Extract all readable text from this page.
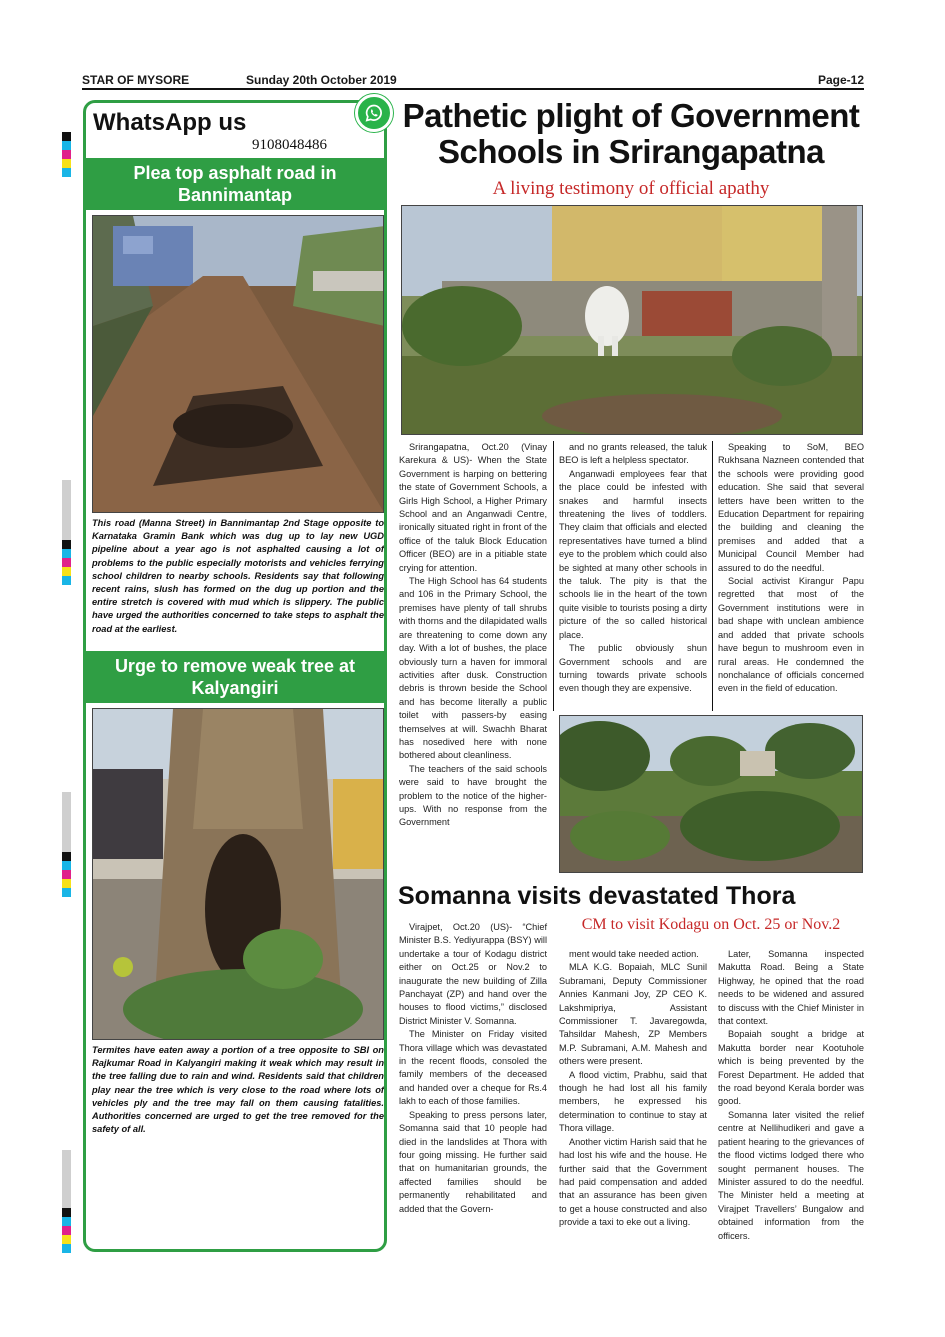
STAR OF MYSORE	Sunday 20th October 2019	Page-12
WhatsApp us
9108048486
Plea top asphalt road in
Bannimantap
This road (Manna Street) in Bannimantap 2nd Stage opposite to Karnataka Gramin Bank which was dug up to lay new UGD pipeline about a year ago is not asphalted causing a lot of problems to the public especially motorists and vehicles ferrying school children to nearby schools. Residents say that following recent rains, slush has formed on the dug up portion and the entire stretch is covered with mud which is slippery. The public have urged the authorities concerned to take steps to asphalt the road at the earliest.
Urge to remove weak tree at
Kalyangiri
Termites have eaten away a portion of a tree opposite to SBI on Rajkumar Road in Kalyangiri making it weak which may result in the tree falling due to rain and wind. Residents said that children play near the tree which is very close to the road where lots of vehicles ply and the tree may fall on them causing fatalities. Authorities concerned are urged to get the tree removed for the safety of all.
Pathetic plight of Government
Schools in Srirangapatna
A living testimony of official apathy

Srirangapatna, Oct.20 (Vinay Karekura & US)- When the State Government is harping on bettering the state of Government Schools, a Girls High School, a Higher Primary School and an Anganwadi Centre, ironically situated right in front of the office of the taluk Block Education Officer (BEO) are in a pitiable state crying for attention.

The High School has 64 students and 106 in the Primary School, the premises have plenty of tall shrubs with thorns and the dilapidated walls are threatening to come down any day. With a lot of bushes, the place obviously turn a haven for immoral activities after dusk. Construction debris is thrown beside the School and has become literally a public toilet with passers-by easing themselves at will. Swachh Bharat has nosedived here with none bothered about cleanliness.

The teachers of the said schools were said to have brought the problem to the notice of the higher-ups. With no response from the Government

and no grants released, the taluk BEO is left a helpless spectator.

Anganwadi employees fear that the place could be infested with snakes and harmful insects threatening the lives of toddlers. They claim that officials and elected representatives have turned a blind eye to the problem which could also be sighted at many other schools in the taluk. The pity is that the schools lie in the heart of the town quite visible to tourists posing a dirty picture of the so called historical place.

The public obviously shun Government schools and are turning towards private schools even though they are expensive.

Speaking to SoM, BEO Rukhsana Nazneen contended that the schools were providing good education. She said that several letters have been written to the Education Department for repairing the building and cleaning the premises and added that a Municipal Council Member had assured to do the needful.

Social activist Kirangur Papu regretted that most of the Government institutions were in bad shape with unclean ambience and added that private schools have begun to mushroom even in rural areas. He condemned the nonchalance of officials concerned even in the field of education.

Somanna visits devastated Thora
CM to visit Kodagu on Oct. 25 or Nov.2

Virajpet, Oct.20 (US)- “Chief Minister B.S. Yediyurappa (BSY) will undertake a tour of Kodagu district either on Oct.25 or Nov.2 to inaugurate the new building of Zilla Panchayat (ZP) and hand over the houses to flood victims,” disclosed District Minister V. Somanna.

The Minister on Friday visited Thora village which was devastated in the recent floods, consoled the family members of the deceased and handed over a cheque for Rs.4 lakh to each of those families.

Speaking to press persons later, Somanna said that 10 people had died in the landslides at Thora with four going missing. He further said that on humanitarian grounds, the affected families should be permanently rehabilitated and added that the Govern-

ment would take needed action.

MLA K.G. Bopaiah, MLC Sunil Subramani, Deputy Commissioner Annies Kanmani Joy, ZP CEO K. Lakshmipriya, Assistant Commissioner T. Javaregowda, Tahsildar Mahesh, ZP Members M.P. Subramani, A.M. Mahesh and others were present.

A flood victim, Prabhu, said that though he had lost all his family members, he expressed his determination to continue to stay at Thora village.

Another victim Harish said that he had lost his wife and the house. He further said that the Government had paid compensation and added that an assurance has been given to get a house constructed and also provide a taxi to eke out a living.

Later, Somanna inspected Makutta Road. Being a State Highway, he opined that the road needs to be widened and assured to discuss with the Chief Minister in that context.

Bopaiah sought a bridge at Makutta border near Kootuhole which is being prevented by the Forest Department. He added that the road beyond Kerala border was good.

Somanna later visited the relief centre at Nellihudikeri and gave a patient hearing to the grievances of the flood victims lodged there who sought permanent houses. The Minister assured to do the needful. The Minister held a meeting at Virajpet Travellers’ Bungalow and obtained information from the officers.
